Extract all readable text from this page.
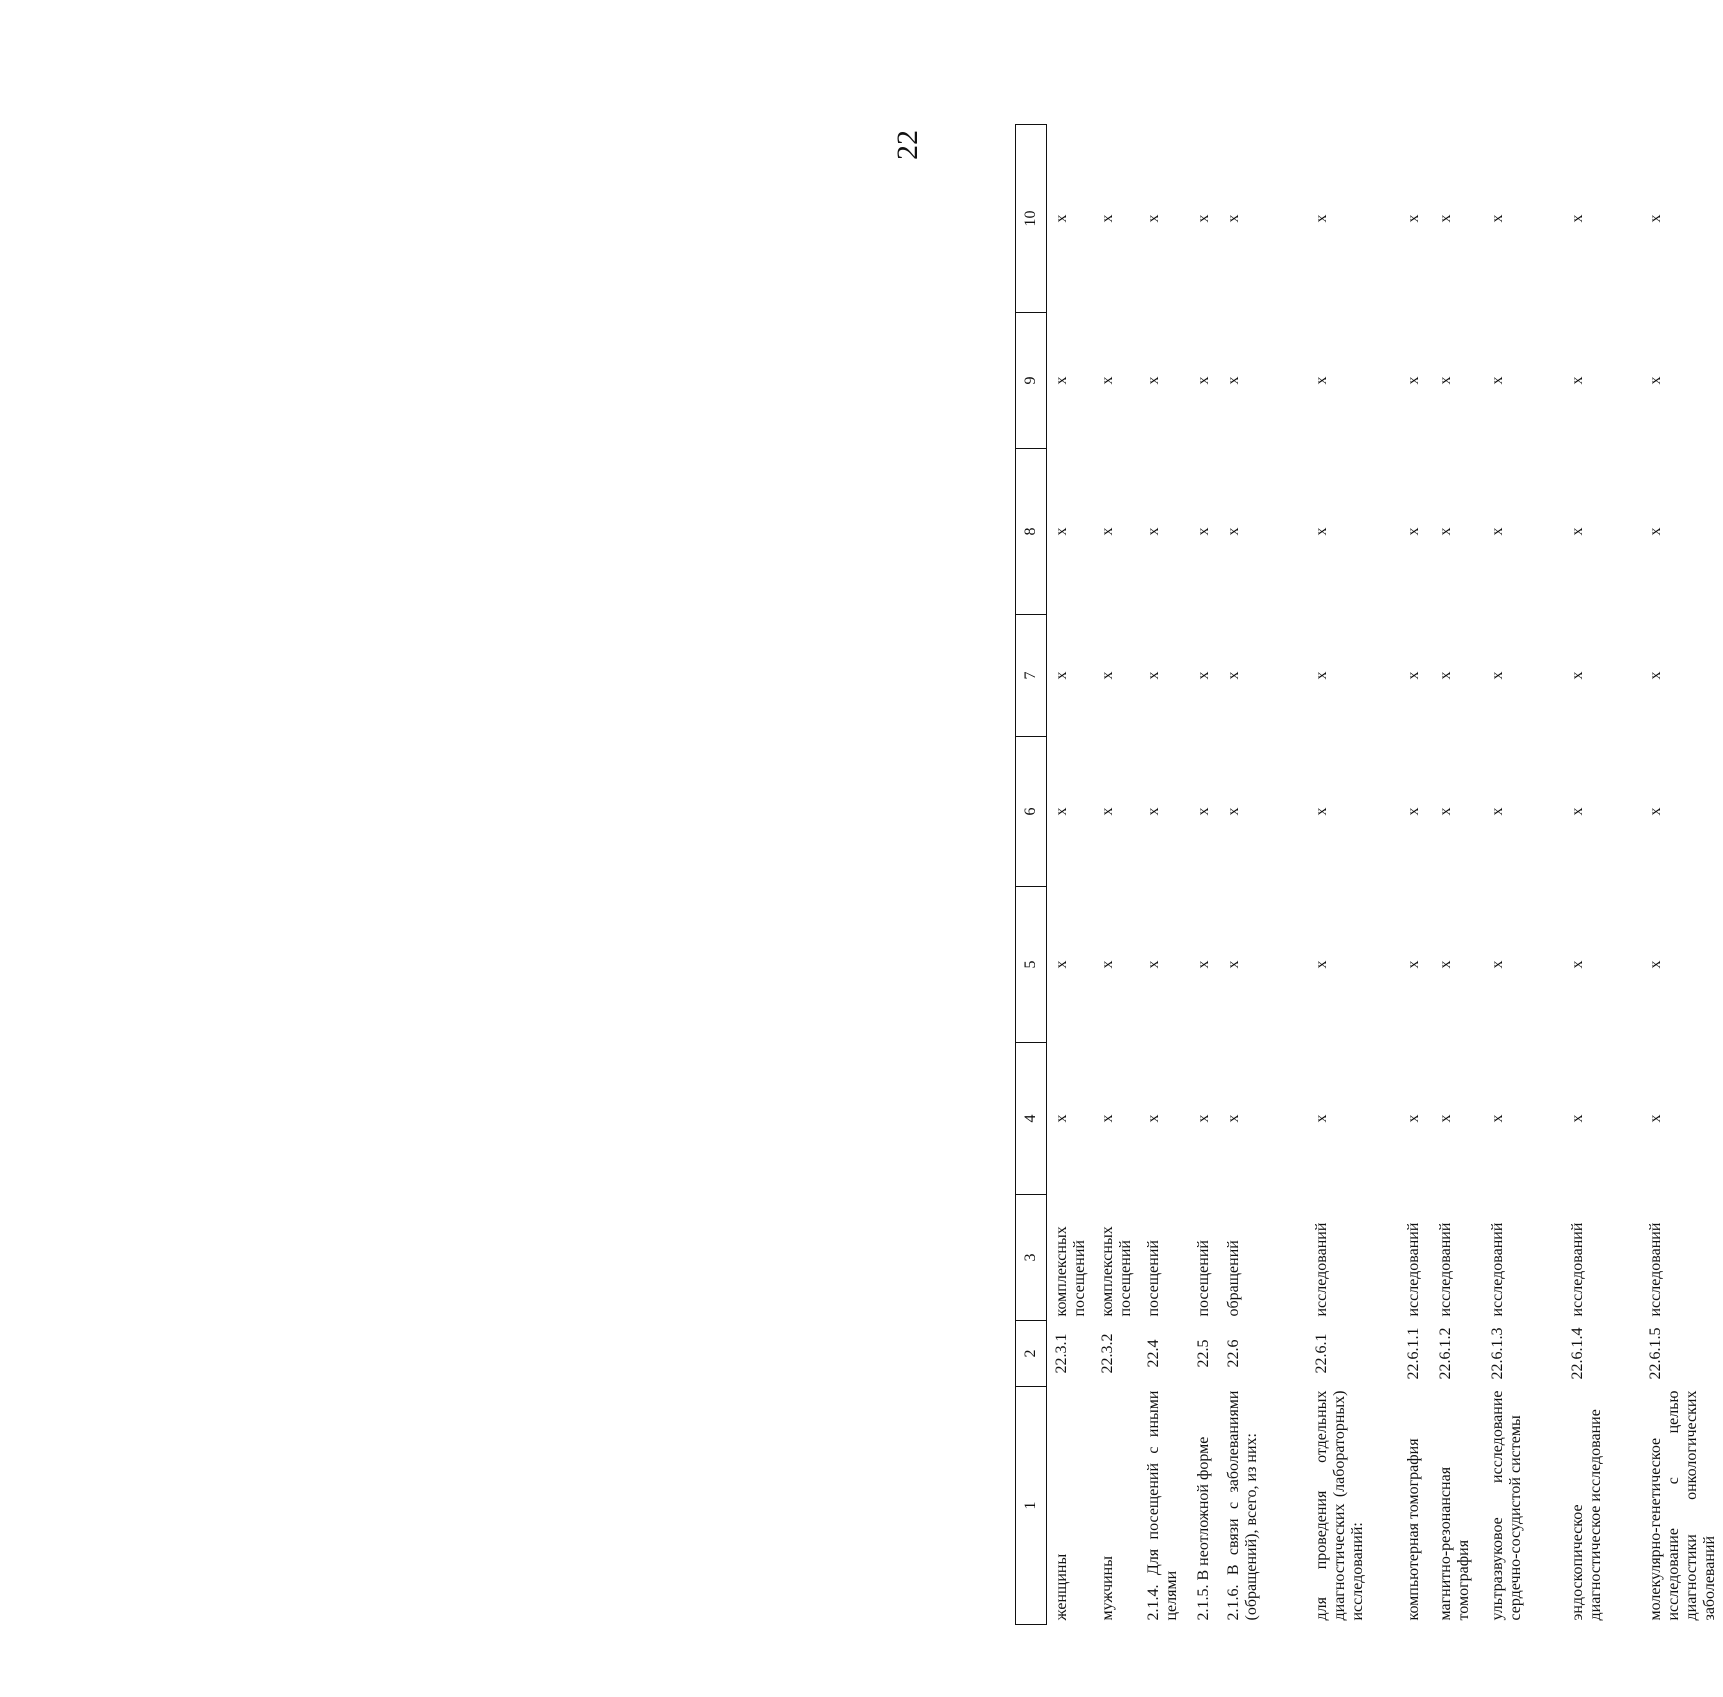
22
1	2	3	4	5	6	7	8	9	10
женщины	22.3.1	комплексных посещений	х	х	х	х	х	х	х
мужчины	22.3.2	комплексных посещений	х	х	х	х	х	х	х
2.1.4. Для посещений с иными целями	22.4	посещений	х	х	х	х	х	х	х
2.1.5. В неотложной форме	22.5	посещений	х	х	х	х	х	х	х
2.1.6. В связи с заболеваниями (обращений), всего, из них:	22.6	обращений	х	х	х	х	х	х	х
для проведения отдельных диагностических (лабораторных) исследований:	22.6.1	исследований	х	х	х	х	х	х	х
компьютерная томография	22.6.1.1	исследований	х	х	х	х	х	х	х
магнитно-резонансная томография	22.6.1.2	исследований	х	х	х	х	х	х	х
ультразвуковое исследование сердечно-сосудистой системы	22.6.1.3	исследований	х	х	х	х	х	х	х
эндоскопическое диагностическое исследование	22.6.1.4	исследований	х	х	х	х	х	х	х
молекулярно-генетическое исследование с целью диагностики онкологических заболеваний	22.6.1.5	исследований	х	х	х	х	х	х	х
